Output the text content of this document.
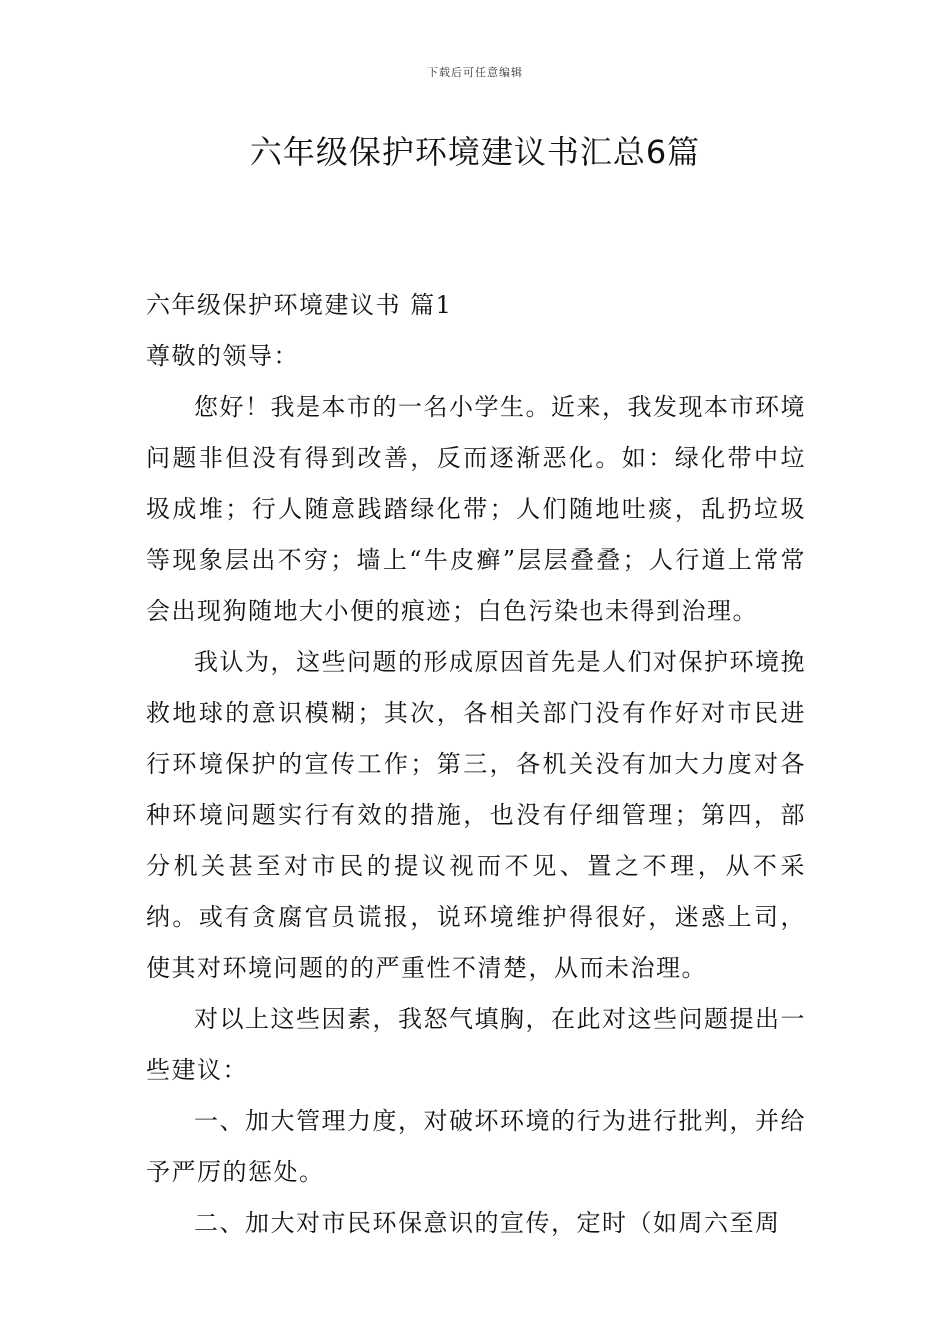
下载后可任意编辑
六年级保护环境建议书汇总6篇

六年级保护环境建议书 篇1

尊敬的领导：

您好！我是本市的一名小学生。近来，我发现本市环境问题非但没有得到改善，反而逐渐恶化。如：绿化带中垃圾成堆；行人随意践踏绿化带；人们随地吐痰，乱扔垃圾等现象层出不穷；墙上“牛皮癣”层层叠叠；人行道上常常会出现狗随地大小便的痕迹；白色污染也未得到治理。

我认为，这些问题的形成原因首先是人们对保护环境挽救地球的意识模糊；其次，各相关部门没有作好对市民进行环境保护的宣传工作；第三，各机关没有加大力度对各种环境问题实行有效的措施，也没有仔细管理；第四，部分机关甚至对市民的提议视而不见、置之不理，从不采纳。或有贪腐官员谎报，说环境维护得很好，迷惑上司，使其对环境问题的的严重性不清楚，从而未治理。

对以上这些因素，我怒气填胸，在此对这些问题提出一些建议：

一、加大管理力度，对破坏环境的行为进行批判，并给予严厉的惩处。

二、加大对市民环保意识的宣传，定时（如周六至周
